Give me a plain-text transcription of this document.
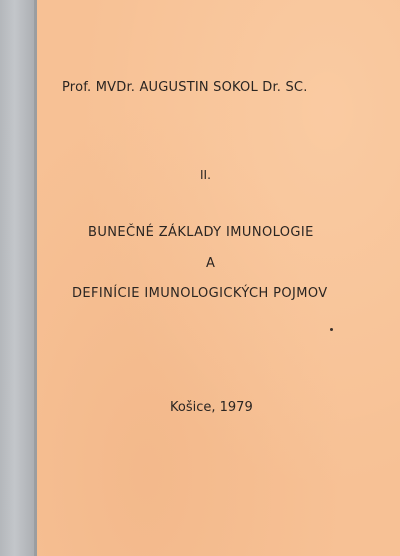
Prof. MVDr. AUGUSTIN SOKOL Dr. SC.
II.
BUNEČNÉ ZÁKLADY IMUNOLOGIE
A
DEFINÍCIE IMUNOLOGICKÝCH POJMOV
Košice, 1979
